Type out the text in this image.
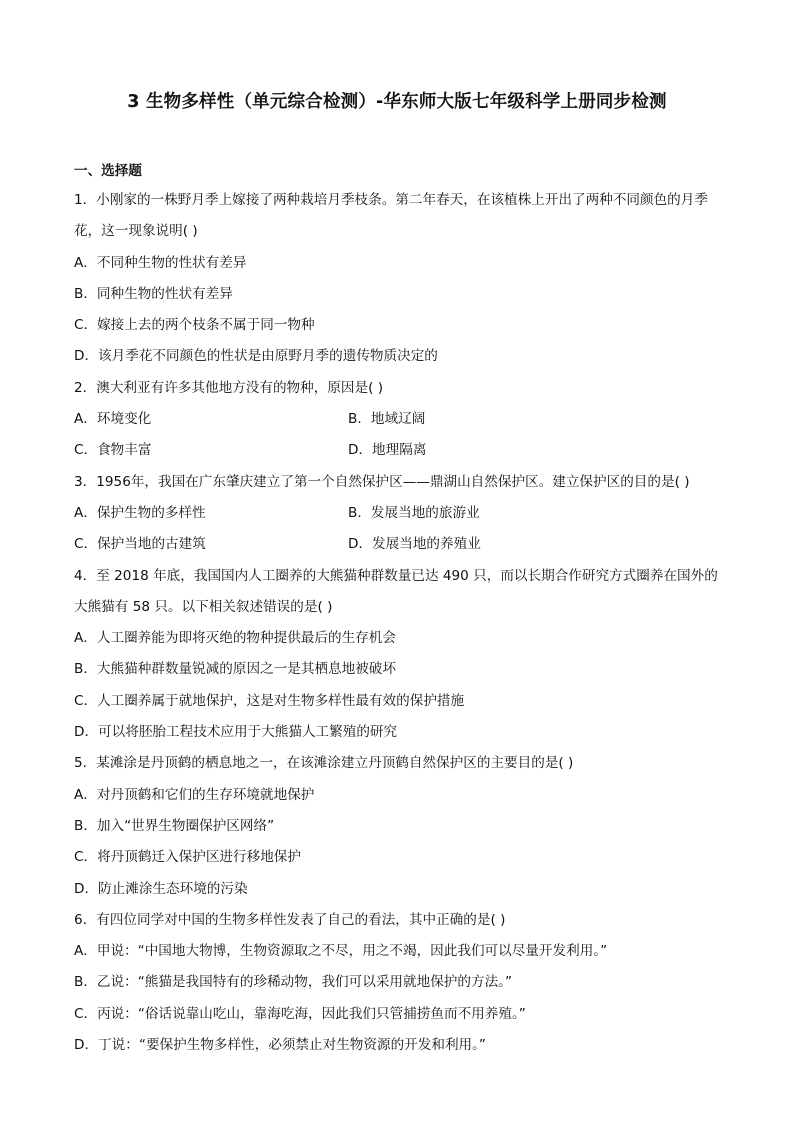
3 生物多样性（单元综合检测）-华东师大版七年级科学上册同步检测
一、选择题
1．小刚家的一株野月季上嫁接了两种栽培月季枝条。第二年春天，在该植株上开出了两种不同颜色的月季
花，这一现象说明( )
A．不同种生物的性状有差异
B．同种生物的性状有差异
C．嫁接上去的两个枝条不属于同一物种
D．该月季花不同颜色的性状是由原野月季的遗传物质决定的
2．澳大利亚有许多其他地方没有的物种，原因是( )
A．环境变化	B．地域辽阔
C．食物丰富	D．地理隔离
3．1956年，我国在广东肇庆建立了第一个自然保护区——鼎湖山自然保护区。建立保护区的目的是( )
A．保护生物的多样性	B．发展当地的旅游业
C．保护当地的古建筑	D．发展当地的养殖业
4．至 2018 年底，我国国内人工圈养的大熊猫种群数量已达 490 只，而以长期合作研究方式圈养在国外的
大熊猫有 58 只。以下相关叙述错误的是( )
A．人工圈养能为即将灭绝的物种提供最后的生存机会
B．大熊猫种群数量锐减的原因之一是其栖息地被破坏
C．人工圈养属于就地保护，这是对生物多样性最有效的保护措施
D．可以将胚胎工程技术应用于大熊猫人工繁殖的研究
5．某滩涂是丹顶鹤的栖息地之一，在该滩涂建立丹顶鹤自然保护区的主要目的是( )
A．对丹顶鹤和它们的生存环境就地保护
B．加入“世界生物圈保护区网络”
C．将丹顶鹤迁入保护区进行移地保护
D．防止滩涂生态环境的污染
6．有四位同学对中国的生物多样性发表了自己的看法，其中正确的是( )
A．甲说：“中国地大物博，生物资源取之不尽，用之不竭，因此我们可以尽量开发利用。”
B．乙说：“熊猫是我国特有的珍稀动物，我们可以采用就地保护的方法。”
C．丙说：“俗话说靠山吃山，靠海吃海，因此我们只管捕捞鱼而不用养殖。”
D．丁说：“要保护生物多样性，必须禁止对生物资源的开发和利用。”
